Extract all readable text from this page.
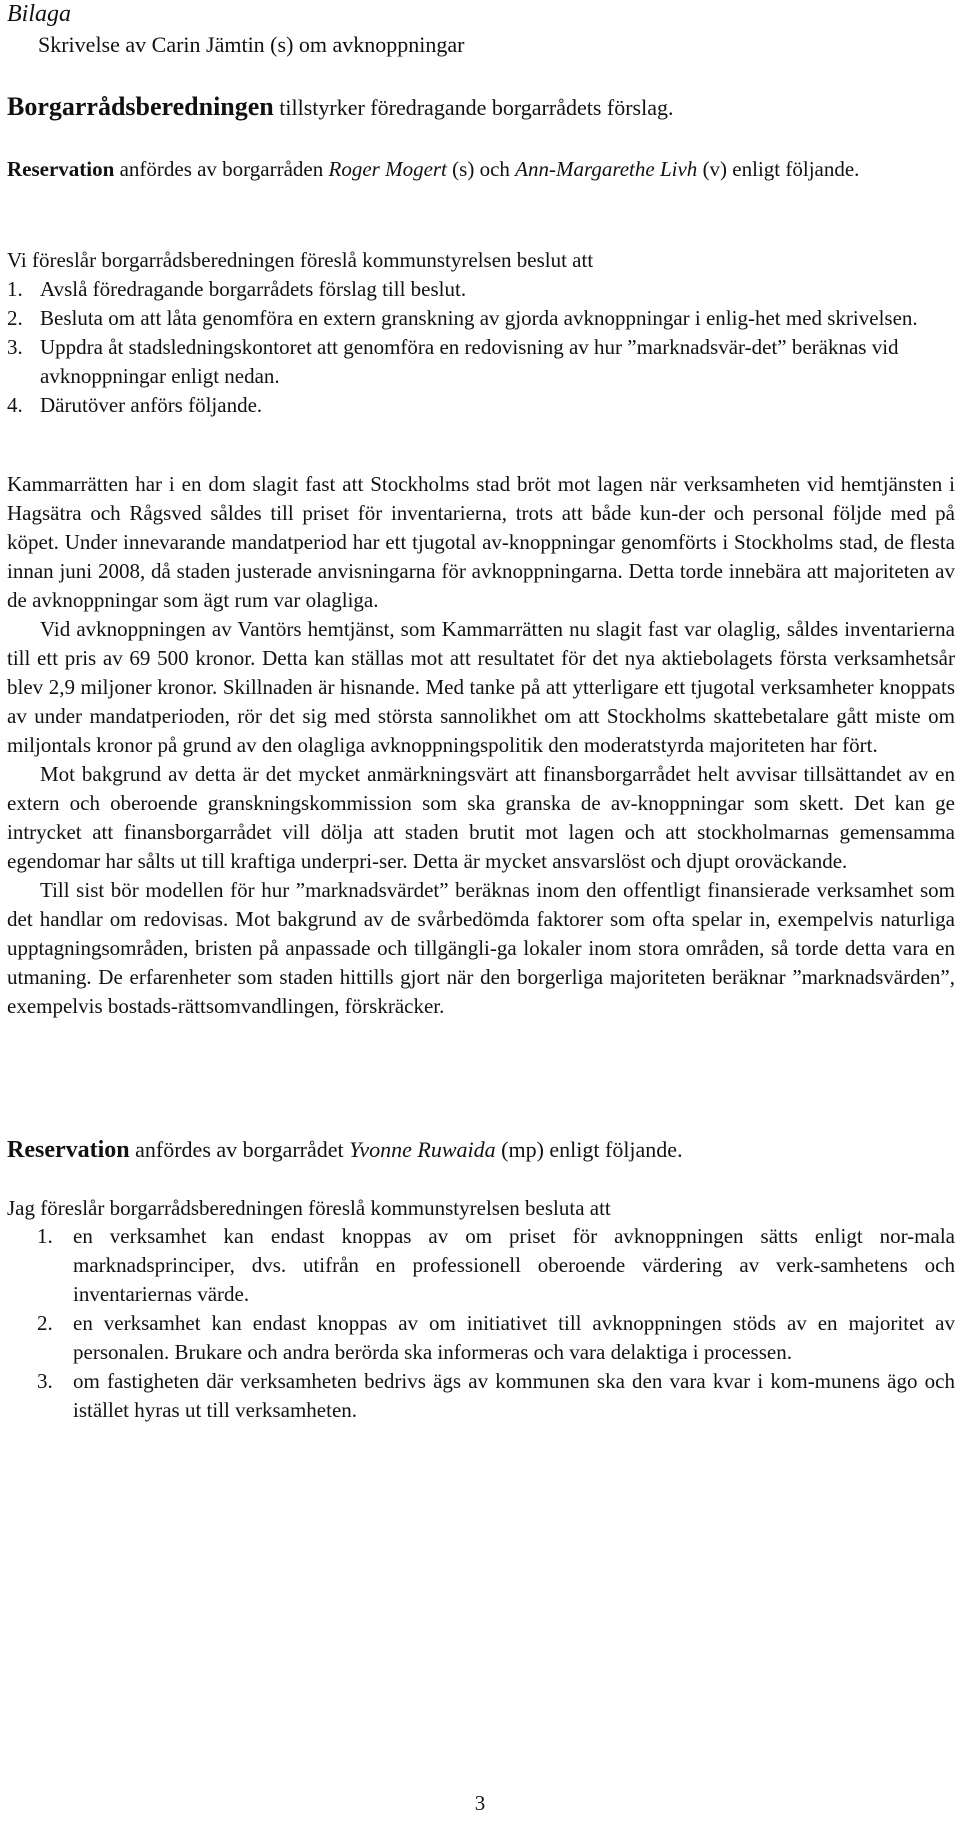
Bilaga
Skrivelse av Carin Jämtin (s) om avknoppningar

Borgarrådsberedningen tillstyrker föredragande borgarrådets förslag.

Reservation anfördes av borgarråden Roger Mogert (s) och Ann-Margarethe Livh (v) enligt följande.

Vi föreslår borgarrådsberedningen föreslå kommunstyrelsen beslut att

1. Avslå föredragande borgarrådets förslag till beslut.
2. Besluta om att låta genomföra en extern granskning av gjorda avknoppningar i enlig-het med skrivelsen.
3. Uppdra åt stadsledningskontoret att genomföra en redovisning av hur ”marknadsvär-det” beräknas vid avknoppningar enligt nedan.
4. Därutöver anförs följande.

Kammarrätten har i en dom slagit fast att Stockholms stad bröt mot lagen när verksamheten vid hemtjänsten i Hagsätra och Rågsved såldes till priset för inventarierna, trots att både kun-der och personal följde med på köpet. Under innevarande mandatperiod har ett tjugotal av-knoppningar genomförts i Stockholms stad, de flesta innan juni 2008, då staden justerade anvisningarna för avknoppningarna. Detta torde innebära att majoriteten av de avknoppningar som ägt rum var olagliga.

Vid avknoppningen av Vantörs hemtjänst, som Kammarrätten nu slagit fast var olaglig, såldes inventarierna till ett pris av 69 500 kronor. Detta kan ställas mot att resultatet för det nya aktiebolagets första verksamhetsår blev 2,9 miljoner kronor. Skillnaden är hisnande. Med tanke på att ytterligare ett tjugotal verksamheter knoppats av under mandatperioden, rör det sig med största sannolikhet om att Stockholms skattebetalare gått miste om miljontals kronor på grund av den olagliga avknoppningspolitik den moderatstyrda majoriteten har fört.

Mot bakgrund av detta är det mycket anmärkningsvärt att finansborgarrådet helt avvisar tillsättandet av en extern och oberoende granskningskommission som ska granska de av-knoppningar som skett. Det kan ge intrycket att finansborgarrådet vill dölja att staden brutit mot lagen och att stockholmarnas gemensamma egendomar har sålts ut till kraftiga underpri-ser. Detta är mycket ansvarslöst och djupt oroväckande.

Till sist bör modellen för hur ”marknadsvärdet” beräknas inom den offentligt finansierade verksamhet som det handlar om redovisas. Mot bakgrund av de svårbedömda faktorer som ofta spelar in, exempelvis naturliga upptagningsområden, bristen på anpassade och tillgängli-ga lokaler inom stora områden, så torde detta vara en utmaning. De erfarenheter som staden hittills gjort när den borgerliga majoriteten beräknar ”marknadsvärden”, exempelvis bostads-rättsomvandlingen, förskräcker.

Reservation anfördes av borgarrådet Yvonne Ruwaida (mp) enligt följande.

Jag föreslår borgarrådsberedningen föreslå kommunstyrelsen besluta att

1. en verksamhet kan endast knoppas av om priset för avknoppningen sätts enligt nor-mala marknadsprinciper, dvs. utifrån en professionell oberoende värdering av verk-samhetens och inventariernas värde.
2. en verksamhet kan endast knoppas av om initiativet till avknoppningen stöds av en majoritet av personalen. Brukare och andra berörda ska informeras och vara delaktiga i processen.
3. om fastigheten där verksamheten bedrivs ägs av kommunen ska den vara kvar i kom-munens ägo och istället hyras ut till verksamheten.
3
